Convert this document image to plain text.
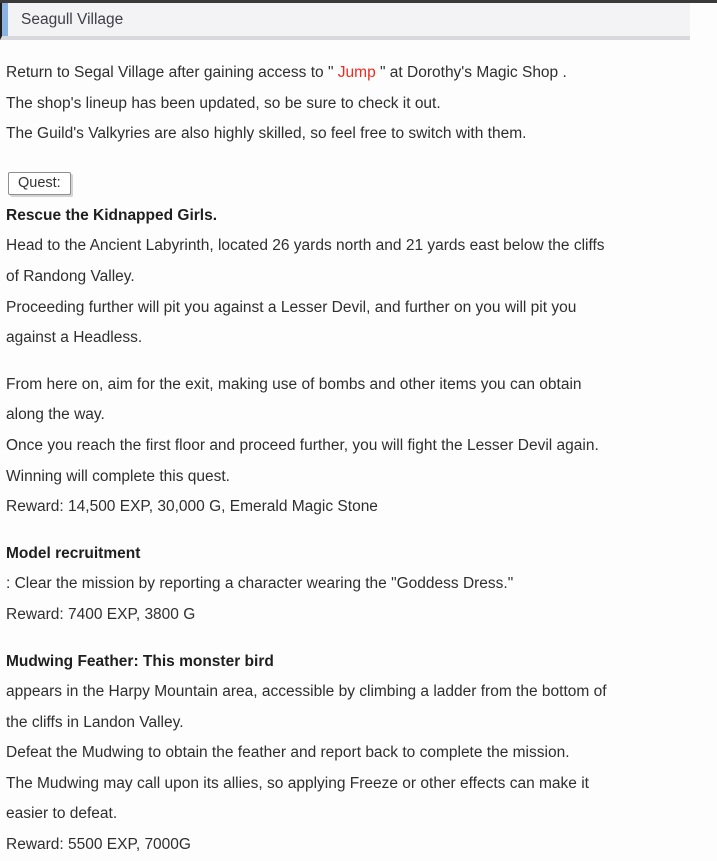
Seagull Village
Return to Segal Village after gaining access to " Jump " at Dorothy's Magic Shop .
The shop's lineup has been updated, so be sure to check it out.
The Guild's Valkyries are also highly skilled, so feel free to switch with them.
Quest:
Rescue the Kidnapped Girls.
Head to the Ancient Labyrinth, located 26 yards north and 21 yards east below the cliffs
of Randong Valley.
Proceeding further will pit you against a Lesser Devil, and further on you will pit you
against a Headless.
From here on, aim for the exit, making use of bombs and other items you can obtain
along the way.
Once you reach the first floor and proceed further, you will fight the Lesser Devil again.
Winning will complete this quest.
Reward: 14,500 EXP, 30,000 G, Emerald Magic Stone
Model recruitment
: Clear the mission by reporting a character wearing the "Goddess Dress."
Reward: 7400 EXP, 3800 G
Mudwing Feather: This monster bird
appears in the Harpy Mountain area, accessible by climbing a ladder from the bottom of
the cliffs in Landon Valley.
Defeat the Mudwing to obtain the feather and report back to complete the mission.
The Mudwing may call upon its allies, so applying Freeze or other effects can make it
easier to defeat.
Reward: 5500 EXP, 7000G
